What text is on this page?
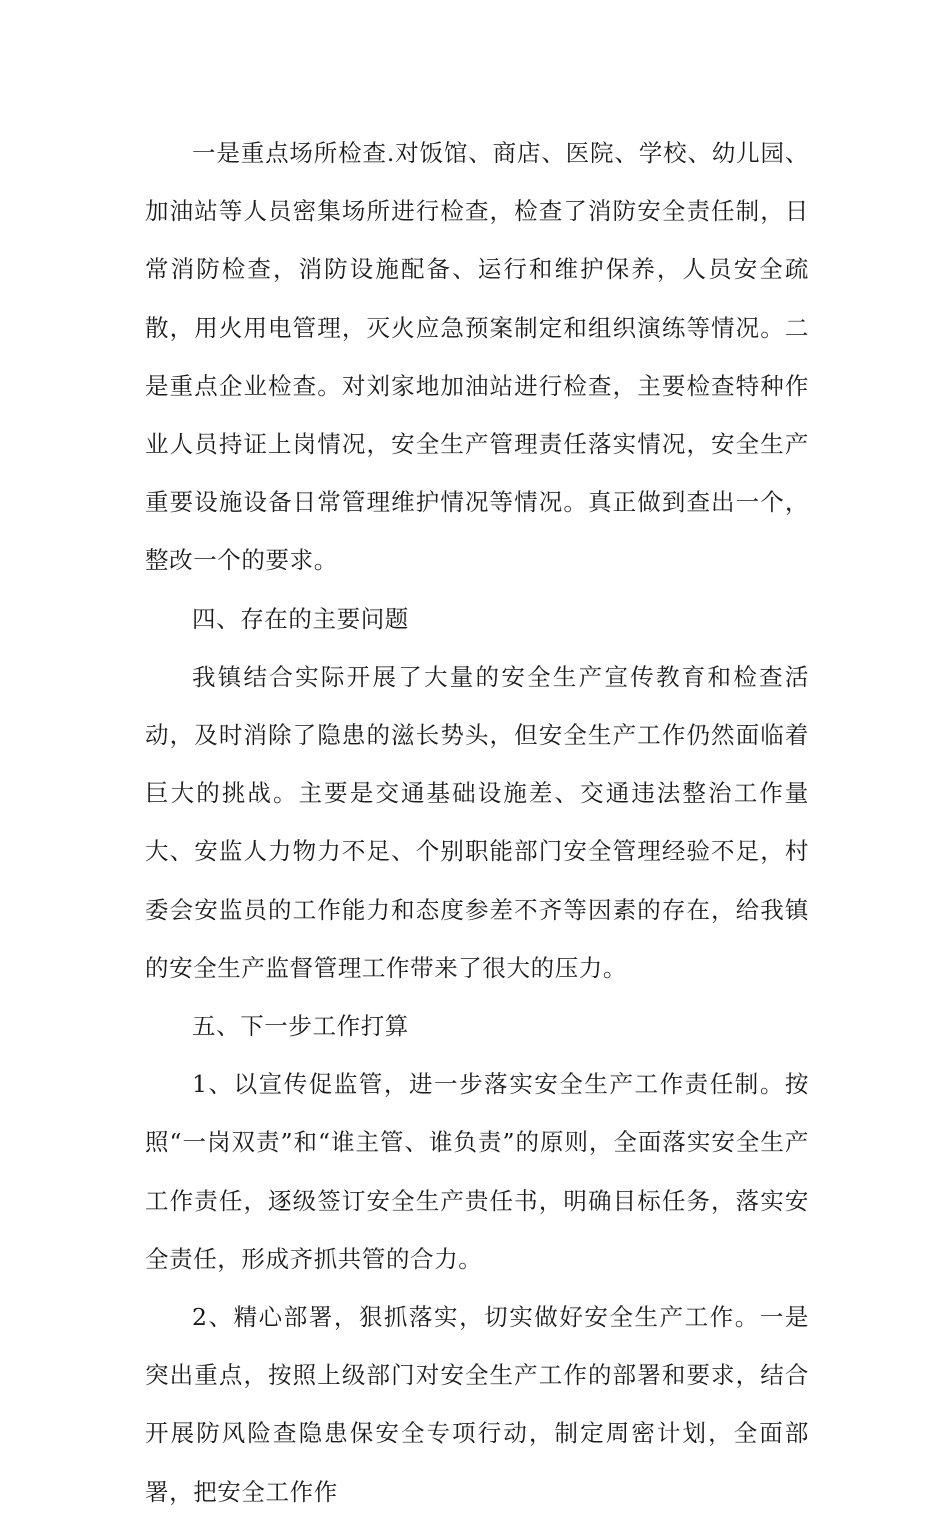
一是重点场所检查.对饭馆、商店、医院、学校、幼儿园、加油站等人员密集场所进行检查，检查了消防安全责任制，日常消防检查，消防设施配备、运行和维护保养，人员安全疏散，用火用电管理，灭火应急预案制定和组织演练等情况。二是重点企业检查。对刘家地加油站进行检查，主要检查特种作业人员持证上岗情况，安全生产管理责任落实情况，安全生产重要设施设备日常管理维护情况等情况。真正做到查出一个，整改一个的要求。

四、存在的主要问题

我镇结合实际开展了大量的安全生产宣传教育和检查活动，及时消除了隐患的滋长势头，但安全生产工作仍然面临着巨大的挑战。主要是交通基础设施差、交通违法整治工作量大、安监人力物力不足、个别职能部门安全管理经验不足，村委会安监员的工作能力和态度参差不齐等因素的存在，给我镇的安全生产监督管理工作带来了很大的压力。

五、下一步工作打算

1、以宣传促监管，进一步落实安全生产工作责任制。按照“一岗双责”和“谁主管、谁负责”的原则，全面落实安全生产工作责任，逐级签订安全生产贵任书，明确目标任务，落实安全责任，形成齐抓共管的合力。

2、精心部署，狠抓落实，切实做好安全生产工作。一是突出重点，按照上级部门对安全生产工作的部署和要求，结合开展防风险查隐患保安全专项行动，制定周密计划，全面部署，把安全工作作
